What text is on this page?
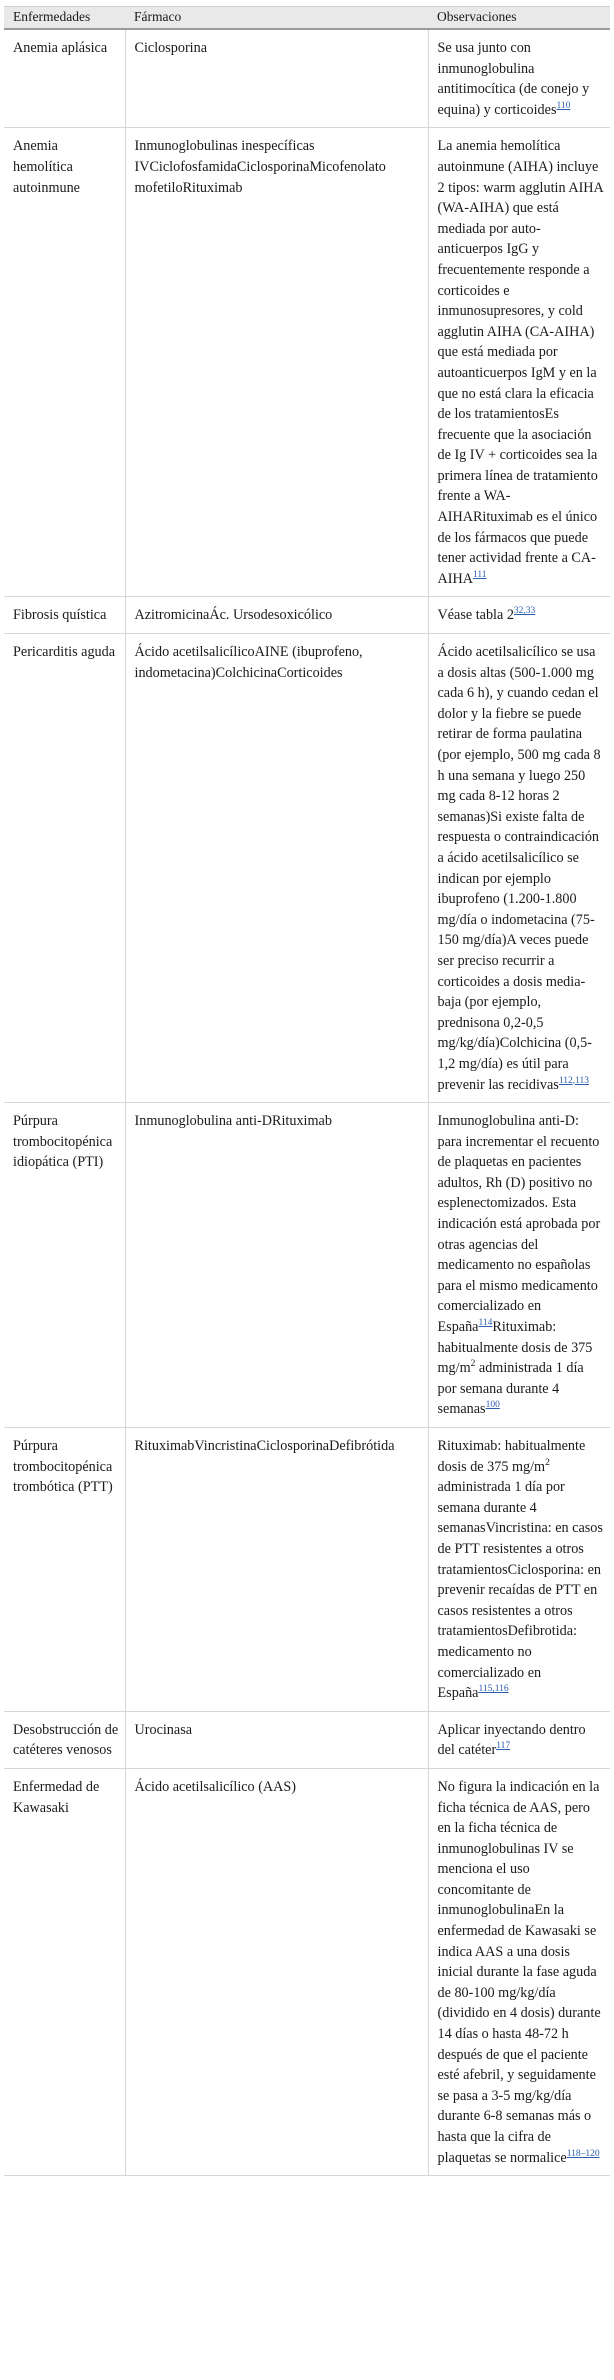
Enfermedades	Fármaco	Observaciones
Anemia aplásica	Ciclosporina	Se usa junto con inmunoglobulina antitimocítica (de conejo y equina) y corticoides$^{110}$
Anemia hemolítica autoinmune	Inmunoglobulinas inespecíficas IVCiclofosfamidaCiclosporinaMicofenolato mofetiloRituximab	La anemia hemolítica autoinmune (AIHA) incluye 2 tipos: warm agglutin AIHA (WA-AIHA) que está mediada por auto-anticuerpos IgG y frecuentemente responde a corticoides e inmunosupresores, y cold agglutin AIHA (CA-AIHA) que está mediada por autoanticuerpos IgM y en la que no está clara la eficacia de los tratamientosEs frecuente que la asociación de Ig IV + corticoides sea la primera línea de tratamiento frente a WA-AIHARituximab es el único de los fármacos que puede tener actividad frente a CA-AIHA$^{111}$
Fibrosis quística	AzitromicinaÁc. Ursodesoxicólico	Véase tabla 2$^{32,33}$
Pericarditis aguda	Ácido acetilsalicílicoAINE (ibuprofeno, indometacina)ColchicinaCorticoides	Ácido acetilsalicílico se usa a dosis altas (500-1.000 mg cada 6 h), y cuando cedan el dolor y la fiebre se puede retirar de forma paulatina (por ejemplo, 500 mg cada 8 h una semana y luego 250 mg cada 8-12 horas 2 semanas)Si existe falta de respuesta o contraindicación a ácido acetilsalicílico se indican por ejemplo ibuprofeno (1.200-1.800 mg/día o indometacina (75-150 mg/día)A veces puede ser preciso recurrir a corticoides a dosis media-baja (por ejemplo, prednisona 0,2-0,5 mg/kg/día)Colchicina (0,5-1,2 mg/día) es útil para prevenir las recidivas$^{112,113}$
Púrpura trombocitopénica idiopática (PTI)	Inmunoglobulina anti-DRituximab	Inmunoglobulina anti-D: para incrementar el recuento de plaquetas en pacientes adultos, Rh (D) positivo no esplenectomizados. Esta indicación está aprobada por otras agencias del medicamento no españolas para el mismo medicamento comercializado en España$^{114}$Rituximab: habitualmente dosis de 375 $mg/m^2$ administrada 1 día por semana durante 4 semanas$^{100}$
Púrpura trombocitopénica trombótica (PTT)	RituximabVincristinaCiclosporinaDefibrótida	Rituximab: habitualmente dosis de 375 $mg/m^2$ administrada 1 día por semana durante 4 semanasVincristina: en casos de PTT resistentes a otros tratamientosCiclosporina: en prevenir recaídas de PTT en casos resistentes a otros tratamientosDefibrotida: medicamento no comercializado en España$^{115,116}$
Desobstrucción de catéteres venosos	Urocinasa	Aplicar inyectando dentro del catéter$^{117}$
Enfermedad de Kawasaki	Ácido acetilsalicílico (AAS)	No figura la indicación en la ficha técnica de AAS, pero en la ficha técnica de inmunoglobulinas IV se menciona el uso concomitante de inmunoglobulinaEn la enfermedad de Kawasaki se indica AAS a una dosis inicial durante la fase aguda de 80-100 mg/kg/día (dividido en 4 dosis) durante 14 días o hasta 48-72 h después de que el paciente esté afebril, y seguidamente se pasa a 3-5 mg/kg/día durante 6-8 semanas más o hasta que la cifra de plaquetas se normalice$^{118-120}$
